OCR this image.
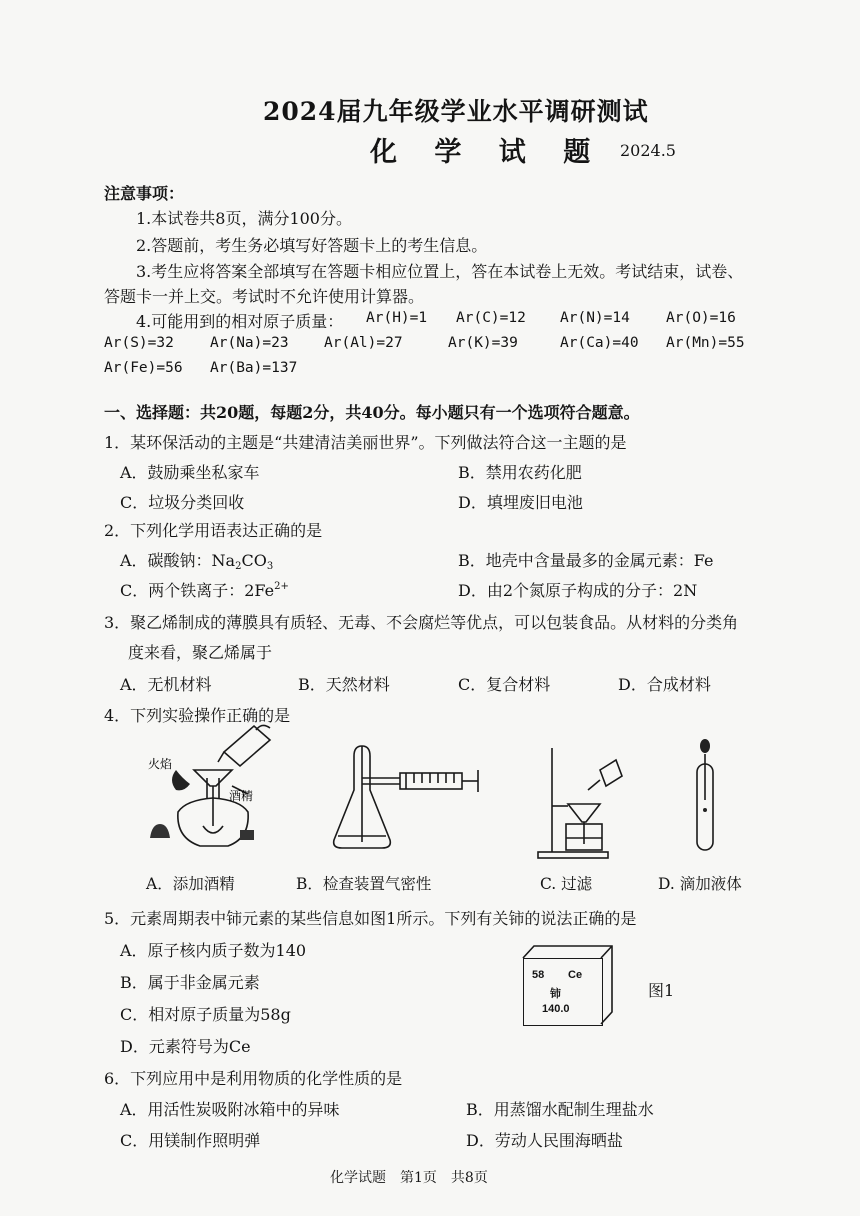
2024届九年级学业水平调研测试
化 学 试 题 2024.5
注意事项：
1.本试卷共8页，满分100分。
2.答题前，考生务必填写好答题卡上的考生信息。
3.考生应将答案全部填写在答题卡相应位置上，答在本试卷上无效。考试结束，试卷、
答题卡一并上交。考试时不允许使用计算器。
4.可能用到的相对原子质量： Ar(H)=1 Ar(C)=12 Ar(N)=14 Ar(O)=16
Ar(S)=32 Ar(Na)=23 Ar(Al)=27	Ar(K)=39	Ar(Ca)=40 Ar(Mn)=55
Ar(Fe)=56 Ar(Ba)=137
一、选择题：共20题，每题2分，共40分。每小题只有一个选项符合题意。
1．某环保活动的主题是“共建清洁美丽世界”。下列做法符合这一主题的是
A．鼓励乘坐私家车	B．禁用农药化肥
C．垃圾分类回收	D．填埋废旧电池
2．下列化学用语表达正确的是
A．碳酸钠：$Na_2CO_3$	B．地壳中含量最多的金属元素：Fe
C．两个铁离子：$2Fe^{2+}$	D．由2个氮原子构成的分子：2N
3．聚乙烯制成的薄膜具有质轻、无毒、不会腐烂等优点，可以包装食品。从材料的分类角
度来看，聚乙烯属于
A．无机材料	B．天然材料	C．复合材料	D．合成材料
4．下列实验操作正确的是
火焰
酒精
A．添加酒精	B．检查装置气密性	C. 过滤	D. 滴加液体
5．元素周期表中铈元素的某些信息如图1所示。下列有关铈的说法正确的是
A．原子核内质子数为140
B．属于非金属元素
C．相对原子质量为58g
D．元素符号为Ce
58 Ce
铈
140.0
图1
6．下列应用中是利用物质的化学性质的是
A．用活性炭吸附冰箱中的异味	B．用蒸馏水配制生理盐水
C．用镁制作照明弹	D．劳动人民围海晒盐
化学试题　第1页　共8页
